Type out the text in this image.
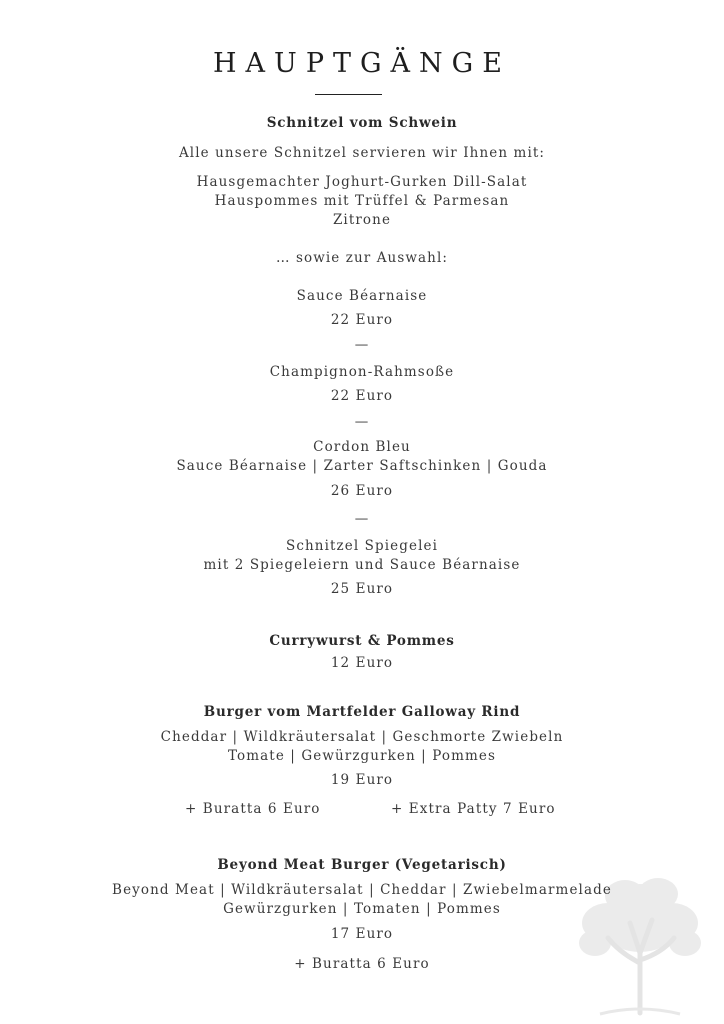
HAUPTGÄNGE
Schnitzel vom Schwein
Alle unsere Schnitzel servieren wir Ihnen mit:
Hausgemachter Joghurt-Gurken Dill-Salat
Hauspommes mit Trüffel & Parmesan
Zitrone
… sowie zur Auswahl:
Sauce Béarnaise
22 Euro
—
Champignon-Rahmsoße
22 Euro
—
Cordon Bleu
Sauce Béarnaise | Zarter Saftschinken | Gouda
26 Euro
—
Schnitzel Spiegelei
mit 2 Spiegeleiern und Sauce Béarnaise
25 Euro
Currywurst & Pommes
12 Euro
Burger vom Martfelder Galloway Rind
Cheddar | Wildkräutersalat | Geschmorte Zwiebeln
Tomate | Gewürzgurken | Pommes
19 Euro
+ Buratta 6 Euro	+ Extra Patty 7 Euro
Beyond Meat Burger (Vegetarisch)
Beyond Meat | Wildkräutersalat | Cheddar | Zwiebelmarmelade
Gewürzgurken | Tomaten | Pommes
17 Euro
+ Buratta 6 Euro
